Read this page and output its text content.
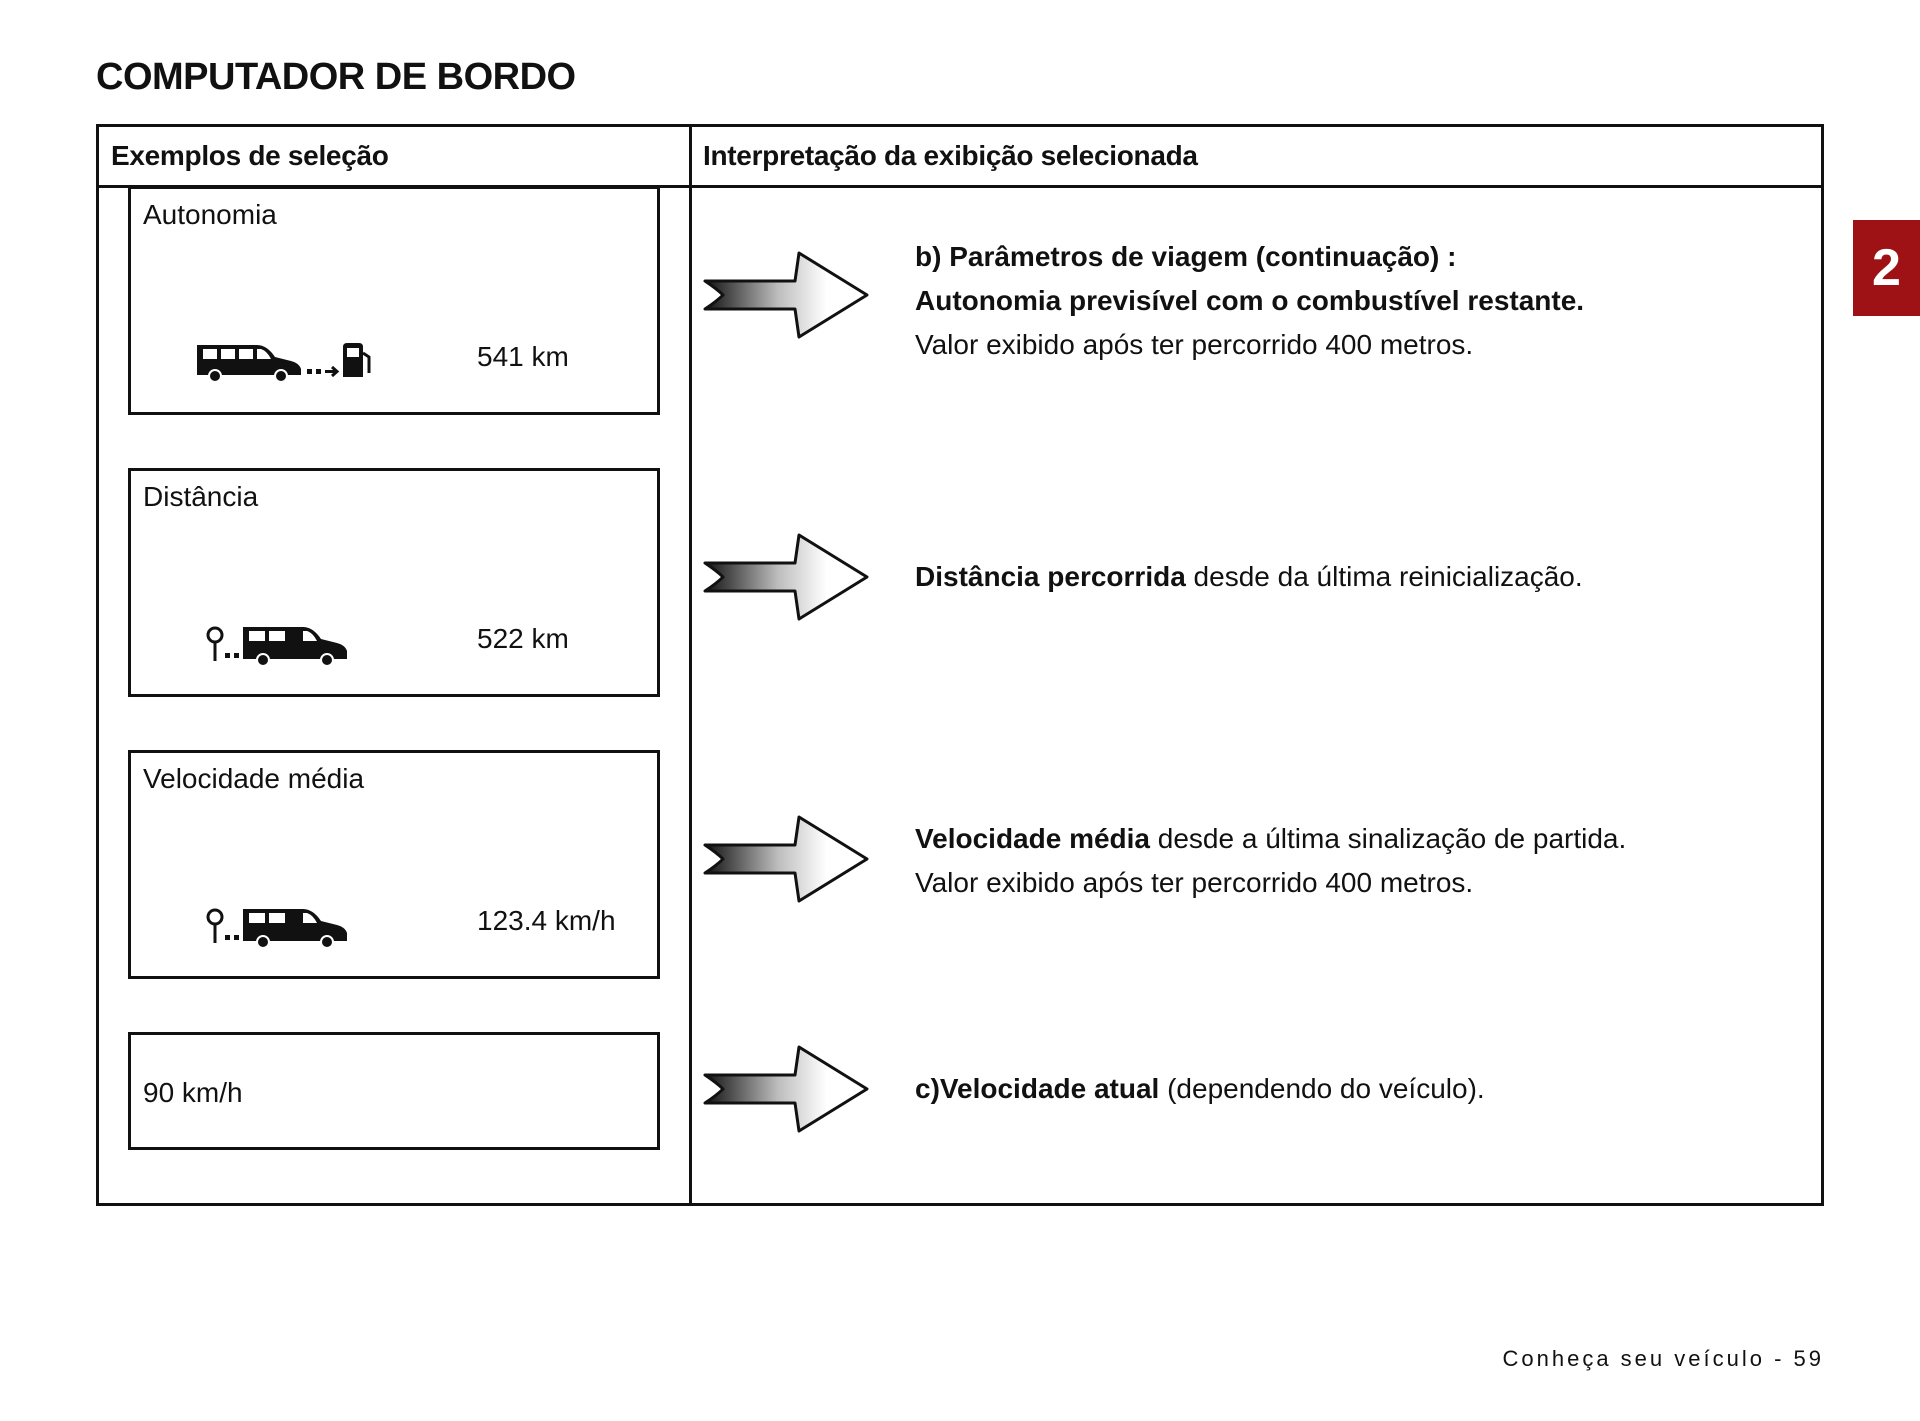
COMPUTADOR DE BORDO
2
Exemplos de seleção	Interpretação da exibição selecionada
Autonomia
541 km
Distância
522 km
Velocidade média
123.4 km/h
90 km/h
b) Parâmetros de viagem (continuação) :
Autonomia previsível com o combustível restante.
Valor exibido após ter percorrido 400 metros.
Distância percorrida desde da última reinicialização.
Velocidade média desde a última sinalização de partida.
Valor exibido após ter percorrido 400 metros.
c)Velocidade atual (dependendo do veículo).
Conheça seu veículo - 59
